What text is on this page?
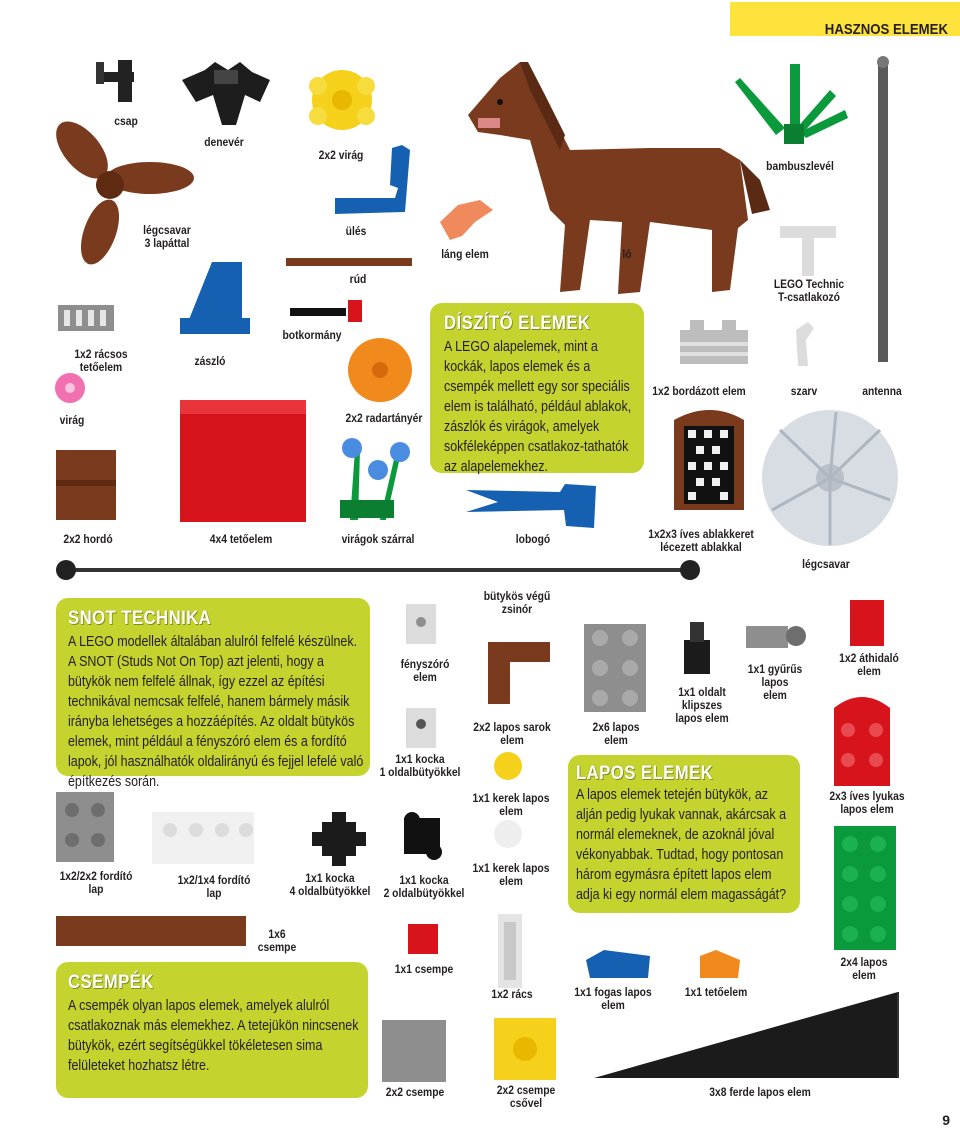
HASZNOS ELEMEK
9
csap
denevér
2x2 virág
bambuszlevél
légcsavar
3 lapáttal
ülés
láng elem	ló
rúd	LEGO Technic
T-csatlakozó
1x2 rácsos tetőelem	zászló
botkormány
1x2 bordázott elem	szarv	antenna
virág	2x2 radartányér
2x2 hordó	4x4 tetőelem	virágok szárral	lobogó	1x2x3 íves ablakkeret
lécezett ablakkal
légcsavar
bütykös végű zsinór
fényszóró elem
1x1 kocka
1 oldalbütyökkel
2x2 lapos sarok elem
2x6 lapos elem
1x1 oldalt klipszes
lapos elem
1x1 gyűrűs lapos
elem
1x2 áthidaló
elem
1x1 kerek lapos
elem
2x3 íves lyukas
lapos elem
1x1 kerek lapos
elem
1x2/2x2 fordító lap
1x2/1x4 fordító lap
1x1 kocka
4 oldalbütyökkel
1x1 kocka
2 oldalbütyökkel
1x6 csempe
1x1 csempe
1x2 rács	1x1 fogas lapos
elem
1x1 tetőelem
2x4 lapos elem
2x2 csempe	2x2 csempe csővel
3x8 ferde lapos elem
DÍSZÍTŐ ELEMEK
A LEGO alapelemek, mint a kockák, lapos elemek és a csempék mellett egy sor speciális elem is található, például ablakok, zászlók és virágok, amelyek sokféleképpen csatlakoz-tathatók az alapelemekhez.
SNOT TECHNIKA
A LEGO modellek általában alulról felfelé készülnek. A SNOT (Studs Not On Top) azt jelenti, hogy a bütykök nem felfelé állnak, így ezzel az építési technikával nemcsak felfelé, hanem bármely másik irányba lehetséges a hozzáépítés. Az oldalt bütykös elemek, mint például a fényszóró elem és a fordító lapok, jól használhatók oldalirányú és fejjel lefelé való építkezés során.	LAPOS ELEMEK
A lapos elemek tetején bütykök, az alján pedig lyukak vannak, akárcsak a normál elemeknek, de azoknál jóval vékonyabbak. Tudtad, hogy pontosan három egymásra épített lapos elem adja ki egy normál elem magasságát?
CSEMPÉK
A csempék olyan lapos elemek, amelyek alulról csatlakoznak más elemekhez. A tetejükön nincsenek bütykök, ezért segítségükkel tökéletesen sima felületeket hozhatsz létre.
